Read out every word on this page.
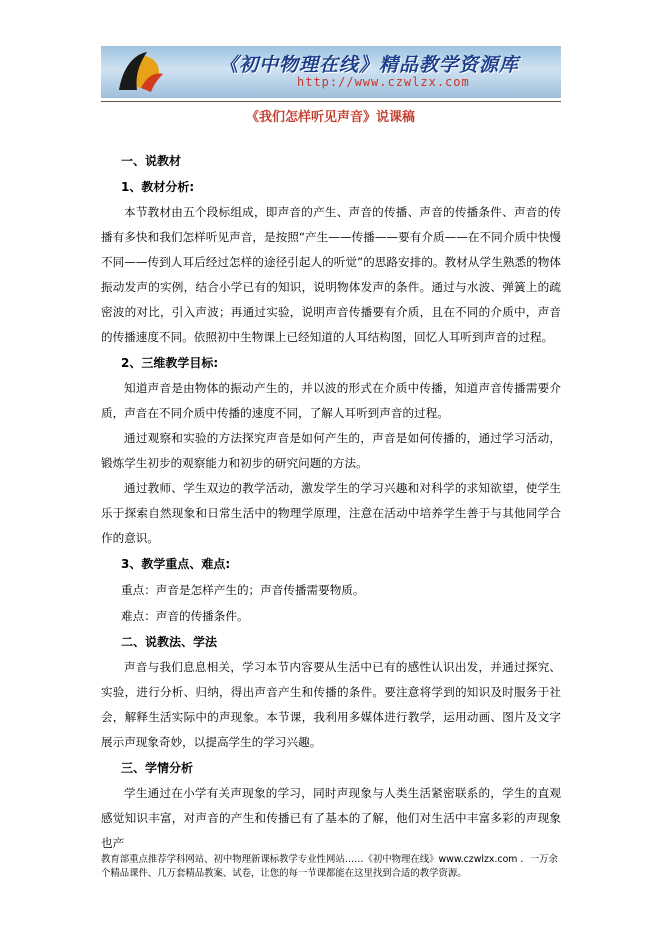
《初中物理在线》精品教学资源库
http://www.czwlzx.com
《我们怎样听见声音》说课稿
一、说教材
1、教材分析:

本节教材由五个段标组成，即声音的产生、声音的传播、声音的传播条件、声音的传播有多快和我们怎样听见声音，是按照“产生——传播——要有介质——在不同介质中快慢不同——传到人耳后经过怎样的途径引起人的听觉”的思路安排的。教材从学生熟悉的物体振动发声的实例，结合小学已有的知识，说明物体发声的条件。通过与水波、弹簧上的疏密波的对比，引入声波；再通过实验，说明声音传播要有介质，且在不同的介质中，声音的传播速度不同。依照初中生物课上已经知道的人耳结构图，回忆人耳听到声音的过程。

2、三维教学目标:

知道声音是由物体的振动产生的，并以波的形式在介质中传播，知道声音传播需要介质，声音在不同介质中传播的速度不同，了解人耳听到声音的过程。

通过观察和实验的方法探究声音是如何产生的，声音是如何传播的，通过学习活动，锻炼学生初步的观察能力和初步的研究问题的方法。

通过教师、学生双边的教学活动，激发学生的学习兴趣和对科学的求知欲望，使学生乐于探索自然现象和日常生活中的物理学原理，注意在活动中培养学生善于与其他同学合作的意识。

3、教学重点、难点:
重点：声音是怎样产生的；声音传播需要物质。
难点：声音的传播条件。
二、说教法、学法

声音与我们息息相关，学习本节内容要从生活中已有的感性认识出发，并通过探究、实验，进行分析、归纳，得出声音产生和传播的条件。要注意将学到的知识及时服务于社会，解释生活实际中的声现象。本节课，我利用多媒体进行教学，运用动画、图片及文字展示声现象奇妙，以提高学生的学习兴趣。

三、学情分析

学生通过在小学有关声现象的学习，同时声现象与人类生活紧密联系的，学生的直观感觉知识丰富，对声音的产生和传播已有了基本的了解，他们对生活中丰富多彩的声现象也产

教育部重点推荐学科网站、初中物理新课标教学专业性网站……《初中物理在线》www.czwlzx.com ．一万余
个精品课件、几万套精品教案、试卷，让您的每一节课都能在这里找到合适的教学资源。
